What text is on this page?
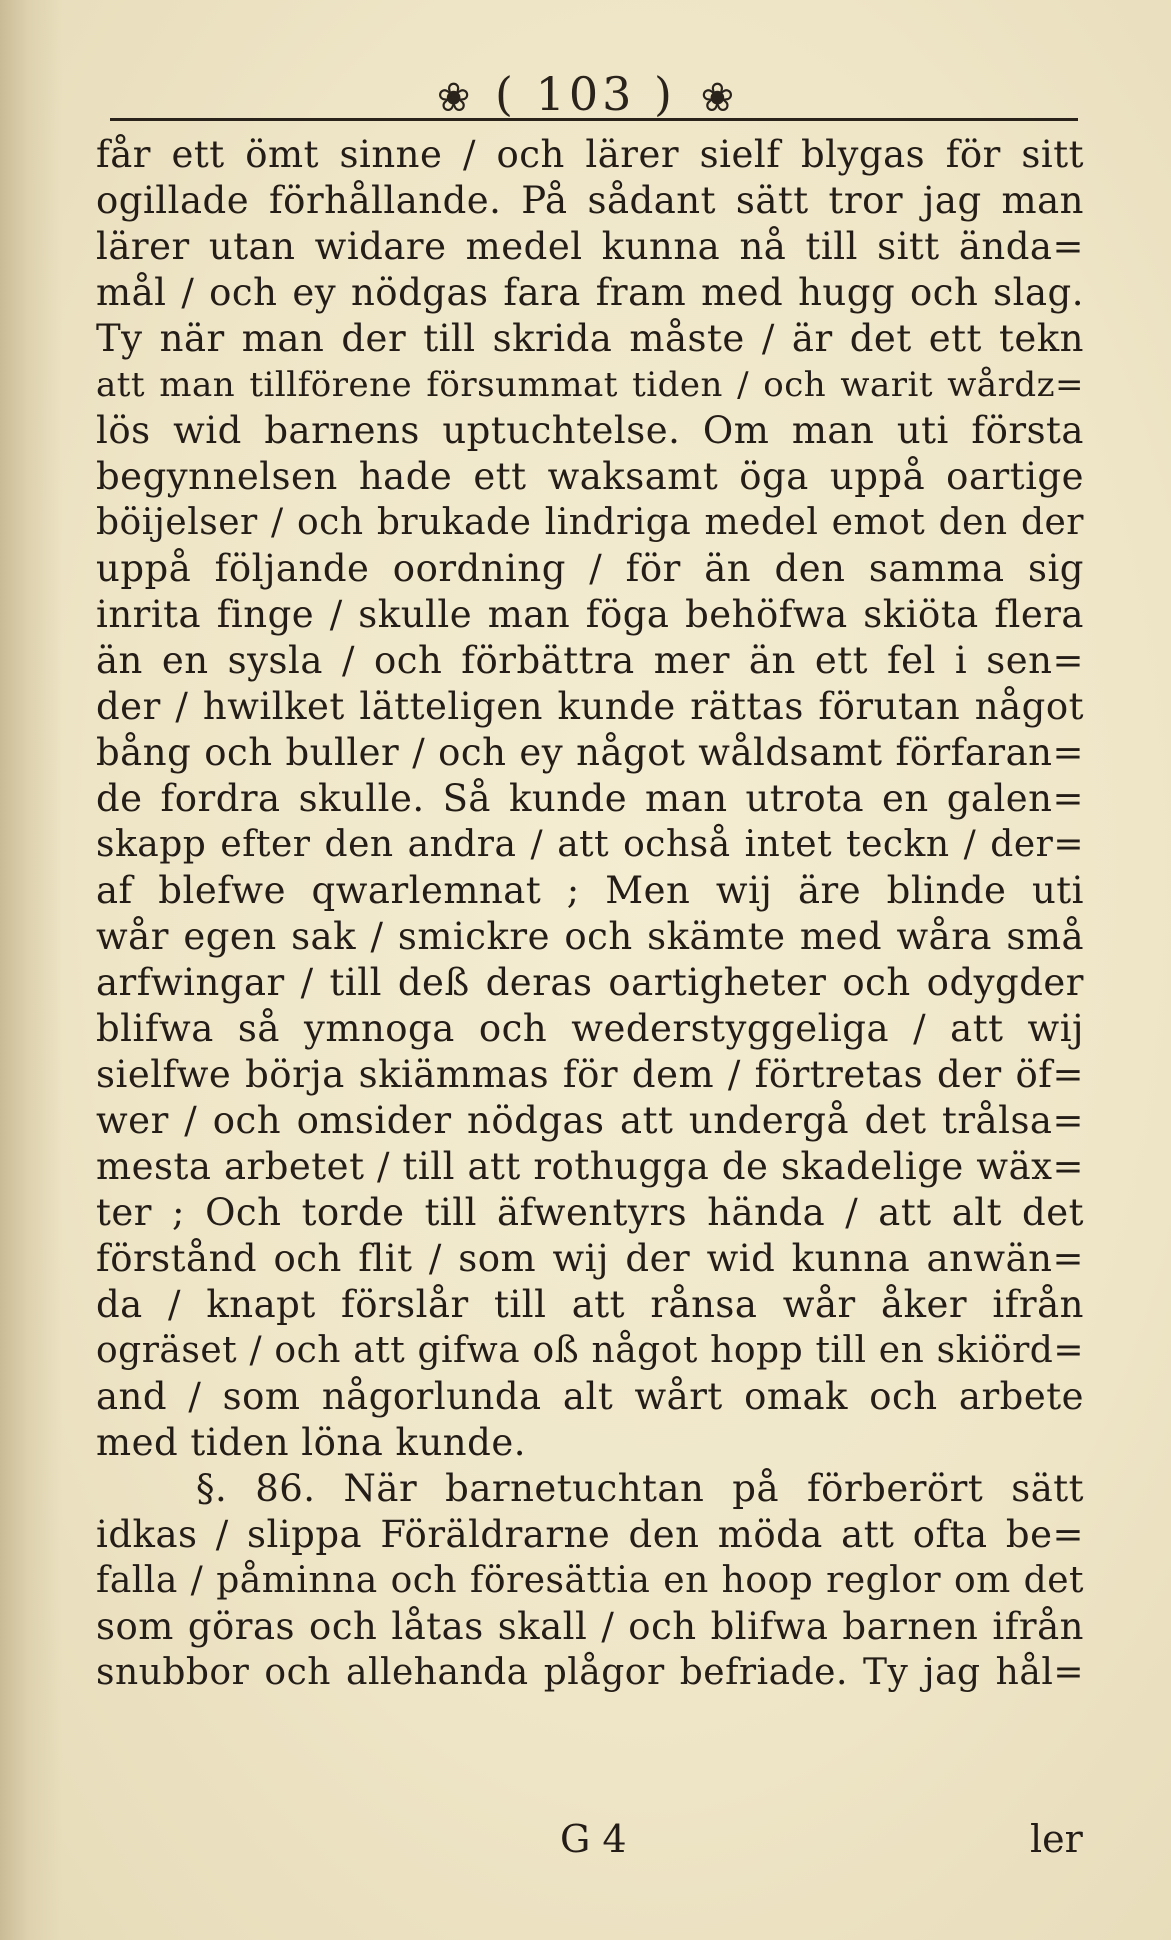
❀ ( 103 ) ❀
får ett ömt sinne / och lärer sielf blygas för sitt
ogillade förhållande. På sådant sätt tror jag man
lärer utan widare medel kunna nå till sitt ända=
mål / och ey nödgas fara fram med hugg och slag.
Ty när man der till skrida måste / är det ett tekn
att man tillförene försummat tiden / och warit wårdz=
lös wid barnens uptuchtelse. Om man uti första
begynnelsen hade ett waksamt öga uppå oartige
böijelser / och brukade lindriga medel emot den der
uppå följande oordning / för än den samma sig
inrita finge / skulle man föga behöfwa skiöta flera
än en sysla / och förbättra mer än ett fel i sen=
der / hwilket lätteligen kunde rättas förutan något
bång och buller / och ey något wåldsamt förfaran=
de fordra skulle. Så kunde man utrota en galen=
skapp efter den andra / att ochså intet teckn / der=
af blefwe qwarlemnat ; Men wij äre blinde uti
wår egen sak / smickre och skämte med wåra små
arfwingar / till deß deras oartigheter och odygder
blifwa så ymnoga och wederstyggeliga / att wij
sielfwe börja skiämmas för dem / förtretas der öf=
wer / och omsider nödgas att undergå det trålsa=
mesta arbetet / till att rothugga de skadelige wäx=
ter ; Och torde till äfwentyrs hända / att alt det
förstånd och flit / som wij der wid kunna anwän=
da / knapt förslår till att rånsa wår åker ifrån
ogräset / och att gifwa oß något hopp till en skiörd=
and / som någorlunda alt wårt omak och arbete
med tiden löna kunde.
§. 86. När barnetuchtan på förberört sätt
idkas / slippa Föräldrarne den möda att ofta be=
falla / påminna och föresättia en hoop reglor om det
som göras och låtas skall / och blifwa barnen ifrån
snubbor och allehanda plågor befriade. Ty jag hål=
G 4	ler
